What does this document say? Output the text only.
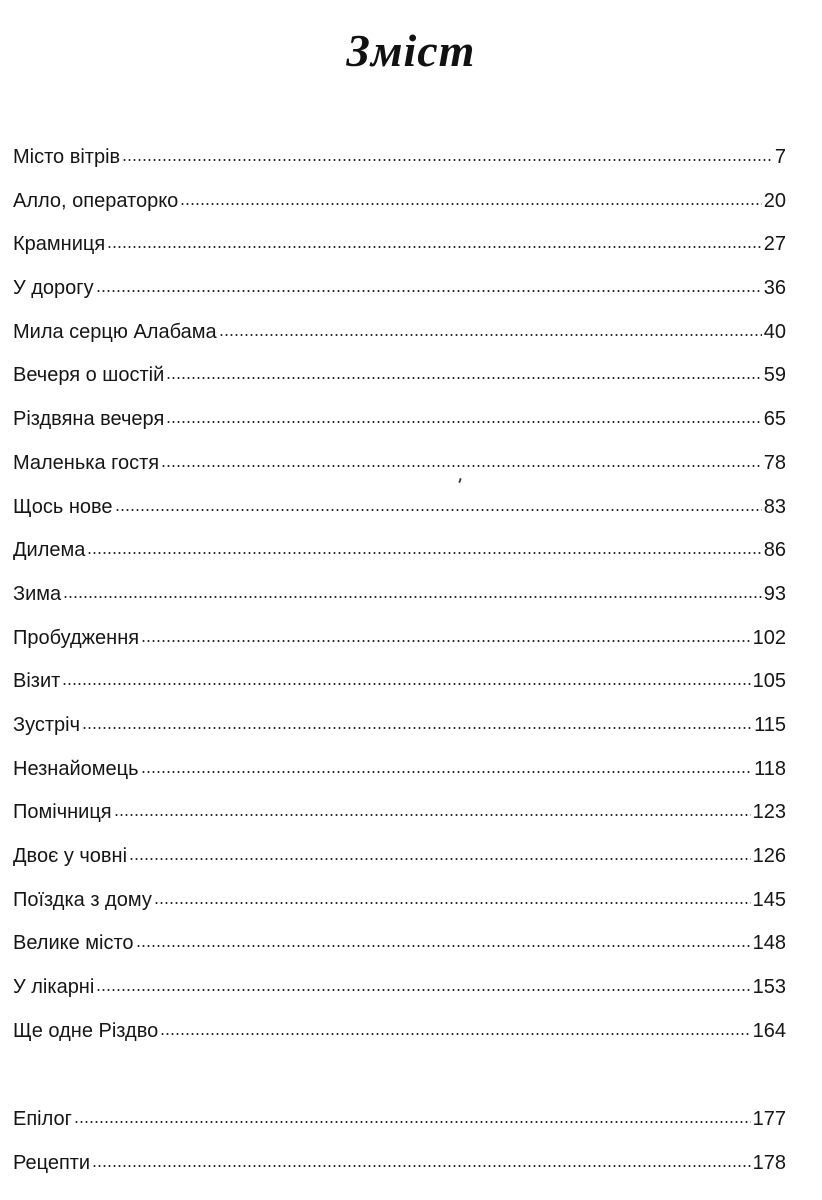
Зміст
Місто вітрів	7
Алло, операторко	20
Крамниця	27
У дорогу	36
Мила серцю Алабама	40
Вечеря о шостій	59
Різдвяна вечеря	65
Маленька гостя	78
Щось нове	83
Дилема	86
Зима	93
Пробудження	102
Візит	105
Зустріч	115
Незнайомець	118
Помічниця	123
Двоє у човні	126
Поїздка з дому	145
Велике місто	148
У лікарні	153
Ще одне Різдво	164
Епілог	177
Рецепти	178
